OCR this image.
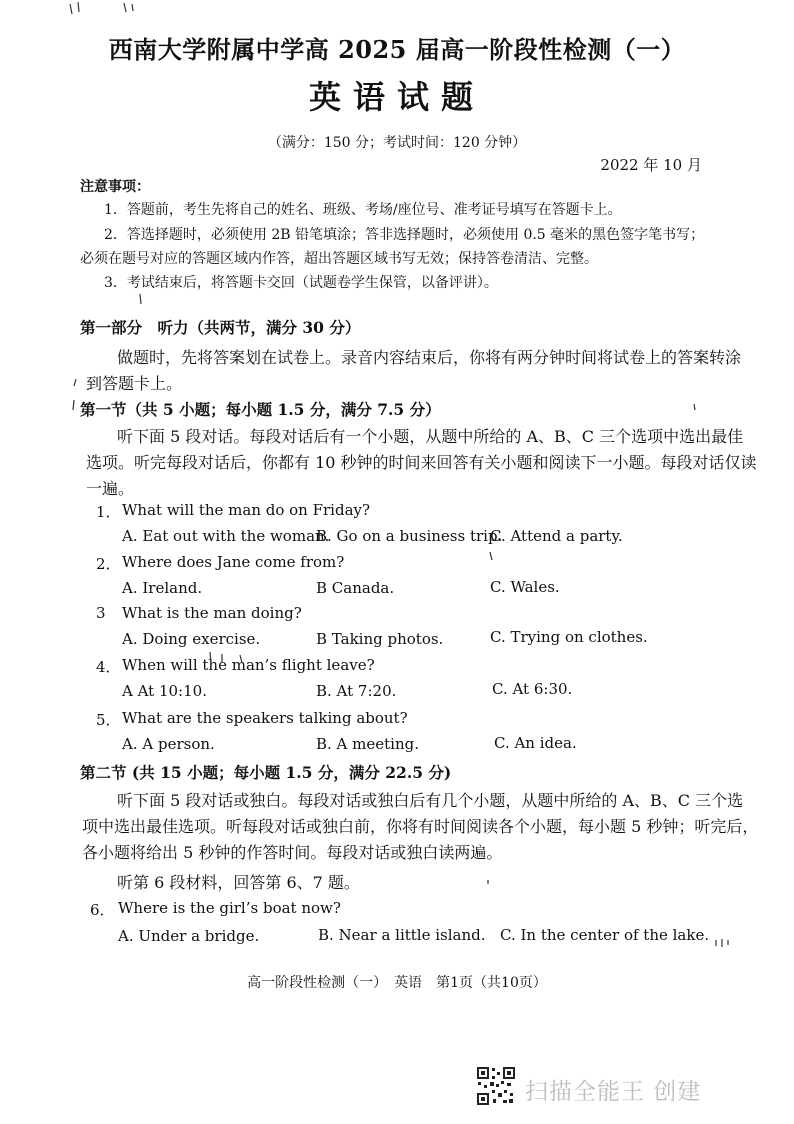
西南大学附属中学高 2025 届高一阶段性检测（一）
英语试题
（满分：150 分；考试时间：120 分钟）
2022 年 10 月
注意事项：
1．答题前，考生先将自己的姓名、班级、考场/座位号、准考证号填写在答题卡上。
2．答选择题时，必须使用 2B 铅笔填涂；答非选择题时，必须使用 0.5 毫米的黑色签字笔书写；
必须在题号对应的答题区域内作答，超出答题区域书写无效；保持答卷清洁、完整。
3．考试结束后，将答题卡交回（试题卷学生保管，以备评讲）。
第一部分　听力（共两节，满分 30 分）
做题时，先将答案划在试卷上。录音内容结束后，你将有两分钟时间将试卷上的答案转涂
到答题卡上。
第一节（共 5 小题；每小题 1.5 分，满分 7.5 分）
听下面 5 段对话。每段对话后有一个小题，从题中所给的 A、B、C 三个选项中选出最佳
选项。听完每段对话后，你都有 10 秒钟的时间来回答有关小题和阅读下一小题。每段对话仅读
一遍。
1． What will the man do on Friday?
A. Eat out with the woman.
B. Go on a business trip.
C. Attend a party.
2． Where does Jane come from?
A. Ireland.	B Canada.	C. Wales.
3 What is the man doing?
A. Doing exercise.	B Taking photos.	C. Trying on clothes.
4． When will the man’s flight leave?
A At 10:10.	B. At 7:20.	C. At 6:30.
5． What are the speakers talking about?
A. A person.	B. A meeting.	C. An idea.
第二节 (共 15 小题；每小题 1.5 分，满分 22.5 分)
听下面 5 段对话或独白。每段对话或独白后有几个小题，从题中所给的 A、B、C 三个选
项中选出最佳选项。听每段对话或独白前，你将有时间阅读各个小题，每小题 5 秒钟；听完后，
各小题将给出 5 秒钟的作答时间。每段对话或独白读两遍。
听第 6 段材料，回答第 6、7 题。
6． Where is the girl’s boat now?
A. Under a bridge.	B. Near a little island. C. In the center of the lake.
高一阶段性检测（一）　英语　第1页（共10页）
扫描全能王 创建
